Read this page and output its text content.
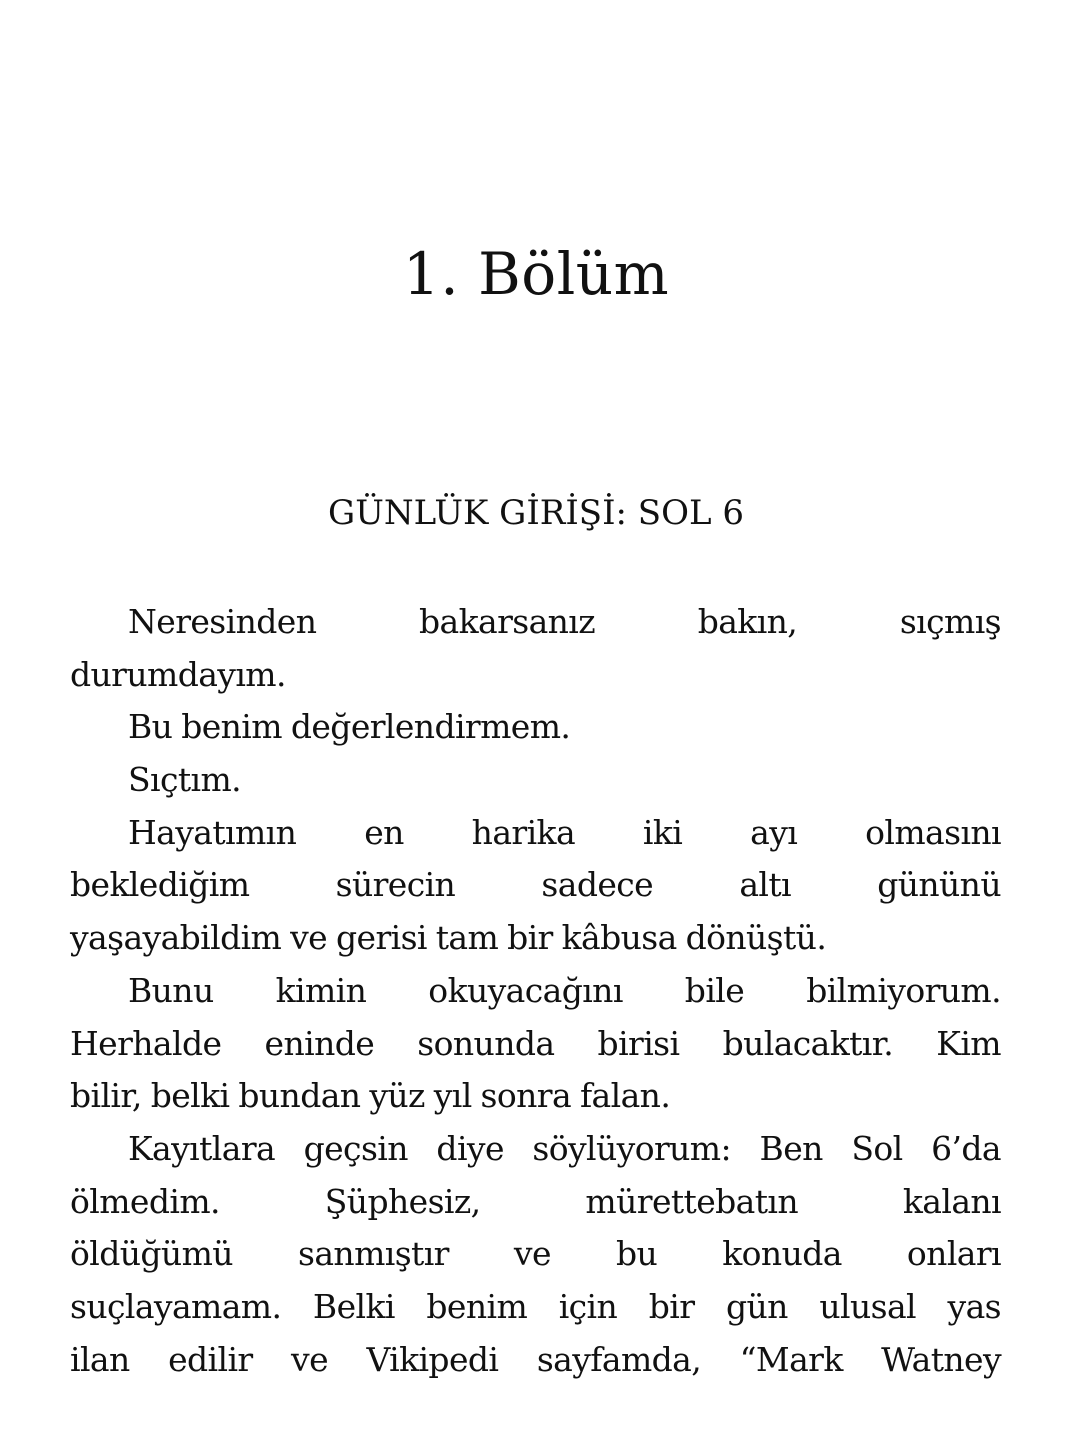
1. Bölüm
GÜNLÜK GİRİŞİ: SOL 6
Neresinden bakarsanız bakın, sıçmış
durumdayım.
Bu benim değerlendirmem.
Sıçtım.
Hayatımın en harika iki ayı olmasını
beklediğim sürecin sadece altı gününü
yaşayabildim ve gerisi tam bir kâbusa dönüştü.
Bunu kimin okuyacağını bile bilmiyorum.
Herhalde eninde sonunda birisi bulacaktır. Kim
bilir, belki bundan yüz yıl sonra falan.
Kayıtlara geçsin diye söylüyorum: Ben Sol 6’da
ölmedim. Şüphesiz, mürettebatın kalanı
öldüğümü sanmıştır ve bu konuda onları
suçlayamam. Belki benim için bir gün ulusal yas
ilan edilir ve Vikipedi sayfamda, “Mark Watney
